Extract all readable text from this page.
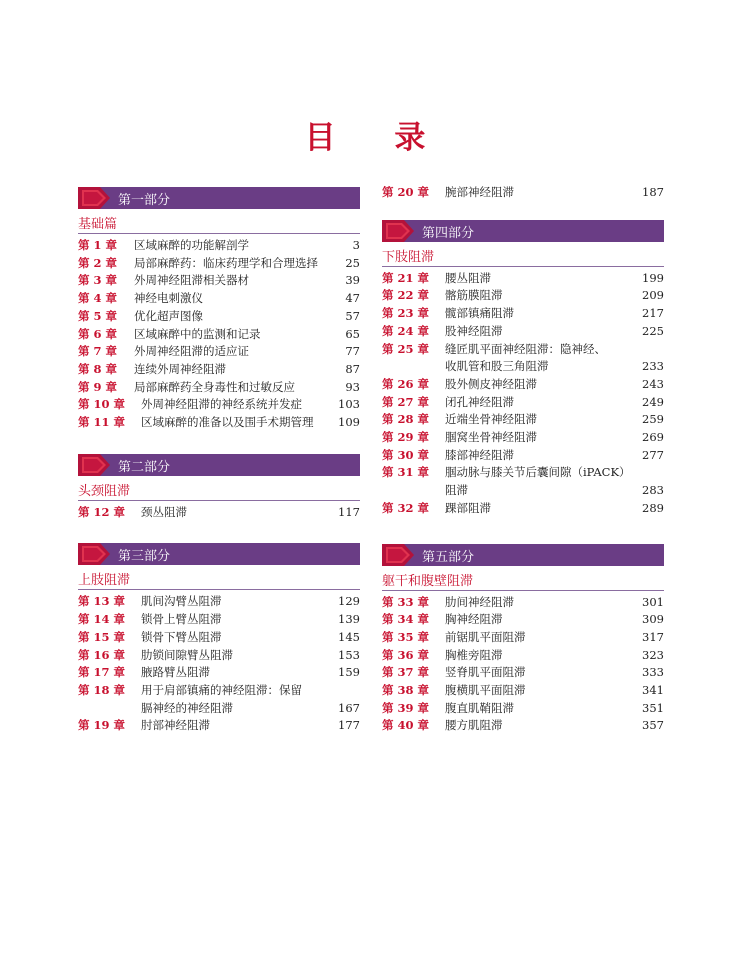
目 录
第一部分
基础篇
第 1 章	区域麻醉的功能解剖学	3
第 2 章	局部麻醉药：临床药理学和合理选择	25
第 3 章	外周神经阻滞相关器材	39
第 4 章	神经电刺激仪	47
第 5 章	优化超声图像	57
第 6 章	区域麻醉中的监测和记录	65
第 7 章	外周神经阻滞的适应证	77
第 8 章	连续外周神经阻滞	87
第 9 章	局部麻醉药全身毒性和过敏反应	93
第 10 章	外周神经阻滞的神经系统并发症	103
第 11 章	区域麻醉的准备以及围手术期管理	109
第二部分
头颈阻滞
第 12 章	颈丛阻滞	117
第三部分
上肢阻滞
第 13 章	肌间沟臂丛阻滞	129
第 14 章	锁骨上臂丛阻滞	139
第 15 章	锁骨下臂丛阻滞	145
第 16 章	肋锁间隙臂丛阻滞	153
第 17 章	腋路臂丛阻滞	159
第 18 章	用于肩部镇痛的神经阻滞：保留
膈神经的神经阻滞	167
第 19 章	肘部神经阻滞	177
第 20 章	腕部神经阻滞	187
第四部分
下肢阻滞
第 21 章	腰丛阻滞	199
第 22 章	髂筋膜阻滞	209
第 23 章	髋部镇痛阻滞	217
第 24 章	股神经阻滞	225
第 25 章	缝匠肌平面神经阻滞：隐神经、
收肌管和股三角阻滞	233
第 26 章	股外侧皮神经阻滞	243
第 27 章	闭孔神经阻滞	249
第 28 章	近端坐骨神经阻滞	259
第 29 章	腘窝坐骨神经阻滞	269
第 30 章	膝部神经阻滞	277
第 31 章	腘动脉与膝关节后囊间隙（iPACK）
阻滞	283
第 32 章	踝部阻滞	289
第五部分
躯干和腹壁阻滞
第 33 章	肋间神经阻滞	301
第 34 章	胸神经阻滞	309
第 35 章	前锯肌平面阻滞	317
第 36 章	胸椎旁阻滞	323
第 37 章	竖脊肌平面阻滞	333
第 38 章	腹横肌平面阻滞	341
第 39 章	腹直肌鞘阻滞	351
第 40 章	腰方肌阻滞	357
